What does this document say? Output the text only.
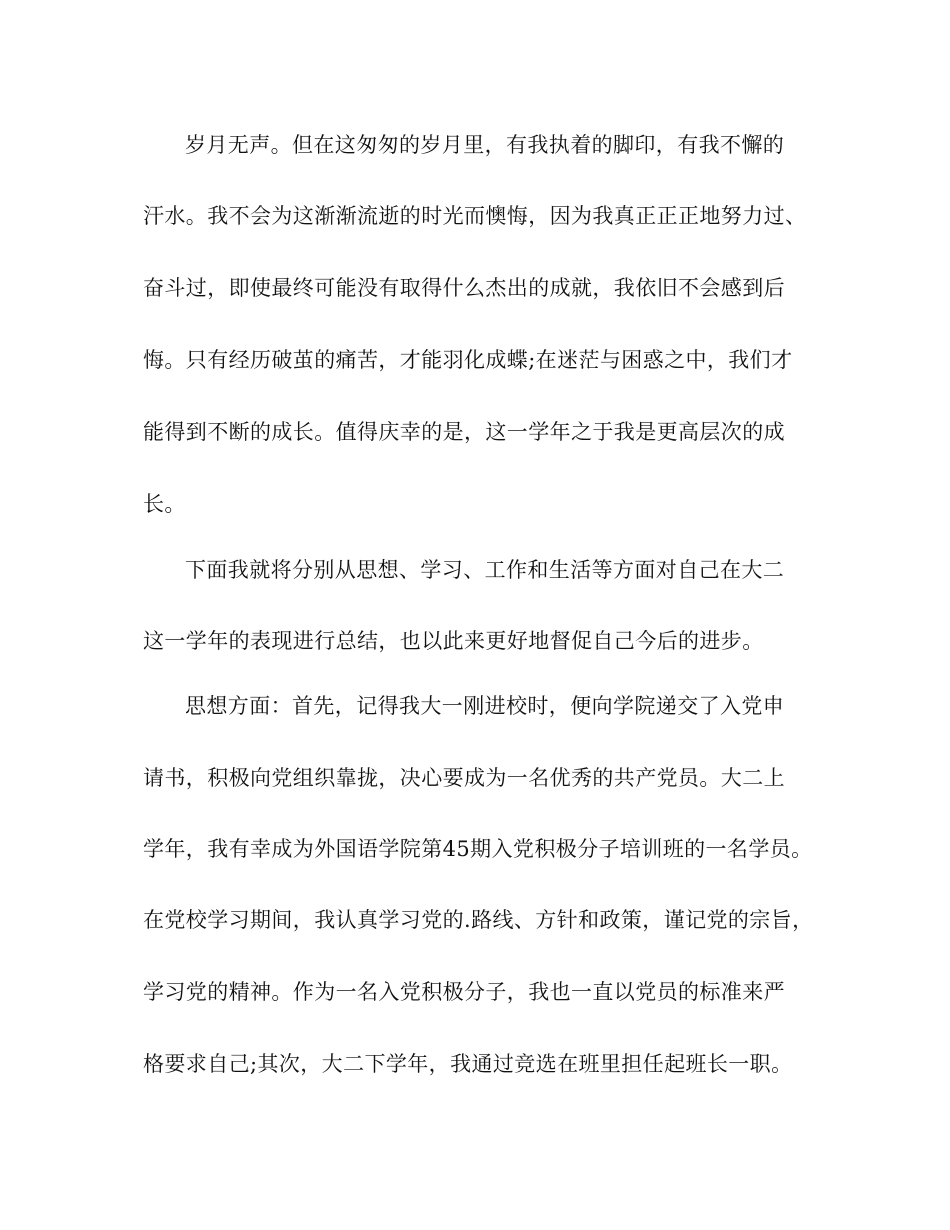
岁月无声。但在这匆匆的岁月里，有我执着的脚印，有我不懈的
汗水。我不会为这渐渐流逝的时光而懊悔，因为我真正正正地努力过、
奋斗过，即使最终可能没有取得什么杰出的成就，我依旧不会感到后
悔。只有经历破茧的痛苦，才能羽化成蝶;在迷茫与困惑之中，我们才
能得到不断的成长。值得庆幸的是，这一学年之于我是更高层次的成
长。
下面我就将分别从思想、学习、工作和生活等方面对自己在大二
这一学年的表现进行总结，也以此来更好地督促自己今后的进步。
思想方面：首先，记得我大一刚进校时，便向学院递交了入党申
请书，积极向党组织靠拢，决心要成为一名优秀的共产党员。大二上
学年，我有幸成为外国语学院第45期入党积极分子培训班的一名学员。
在党校学习期间，我认真学习党的.路线、方针和政策，谨记党的宗旨，
学习党的精神。作为一名入党积极分子，我也一直以党员的标准来严
格要求自己;其次，大二下学年，我通过竞选在班里担任起班长一职。
